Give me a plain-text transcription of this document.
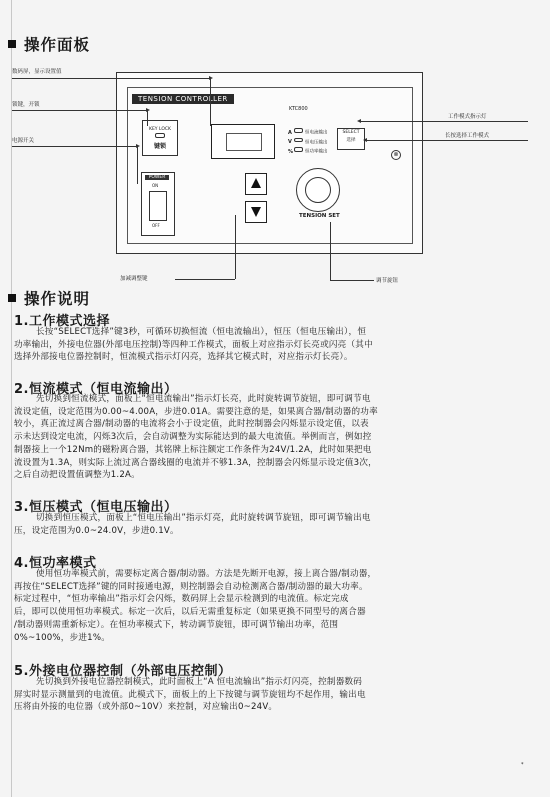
操作面板
TENSION CONTROLLER
KTC800
KEY LOCK
键锁
A	恒电流输出
V	恒电压输出
%	恒功率输出
SELECT
选择
POWER
ON
OFF
TENSION SET
⊗
数码屏，显示设置值
锁键，开锁
电源开关
工作模式指示灯
长按选择工作模式
加减调整键	调节旋钮
操作说明
1.工作模式选择
长按“SELECT选择”键3秒，可循环切换恒流（恒电流输出），恒压（恒电压输出），恒
功率输出，外接电位器(外部电压控制)等四种工作模式，面板上对应指示灯长亮或闪亮（其中
选择外部接电位器控制时，恒流模式指示灯闪亮，选择其它模式时，对应指示灯长亮）。
2.恒流模式（恒电流输出）
先切换到恒流模式，面板上“恒电流输出”指示灯长亮，此时旋转调节旋钮，即可调节电
流设定值，设定范围为0.00~4.00A，步进0.01A。需要注意的是，如果离合器/制动器的功率
较小，真正流过离合器/制动器的电流将会小于设定值，此时控制器会闪烁显示设定值，以表
示未达到设定电流，闪烁3次后，会自动调整为实际能达到的最大电流值。举例而言，例如控
制器接上一个12Nm的磁粉离合器，其铭牌上标注额定工作条件为24V/1.2A，此时如果把电
流设置为1.3A，则实际上流过离合器线圈的电流并不够1.3A，控制器会闪烁显示设定值3次，
之后自动把设置值调整为1.2A。
3.恒压模式（恒电压输出）
切换到恒压模式，面板上“恒电压输出”指示灯亮，此时旋转调节旋钮，即可调节输出电
压，设定范围为0.0~24.0V，步进0.1V。
4.恒功率模式
使用恒功率模式前，需要标定离合器/制动器。方法是先断开电源，接上离合器/制动器，
再按住“SELECT选择”键的同时接通电源，则控制器会自动检测离合器/制动器的最大功率。
标定过程中，“恒功率输出”指示灯会闪烁，数码屏上会显示检测到的电流值。标定完成
后，即可以使用恒功率模式。标定一次后，以后无需重复标定（如果更换不同型号的离合器
/制动器则需重新标定）。在恒功率模式下，转动调节旋钮，即可调节输出功率，范围
0%~100%，步进1%。
5.外接电位器控制（外部电压控制）
先切换到外接电位器控制模式，此时面板上“A 恒电流输出”指示灯闪亮，控制器数码
屏实时显示测量到的电流值。此模式下，面板上的上下按键与调节旋钮均不起作用，输出电
压将由外接的电位器（或外部0~10V）来控制，对应输出0~24V。
*
